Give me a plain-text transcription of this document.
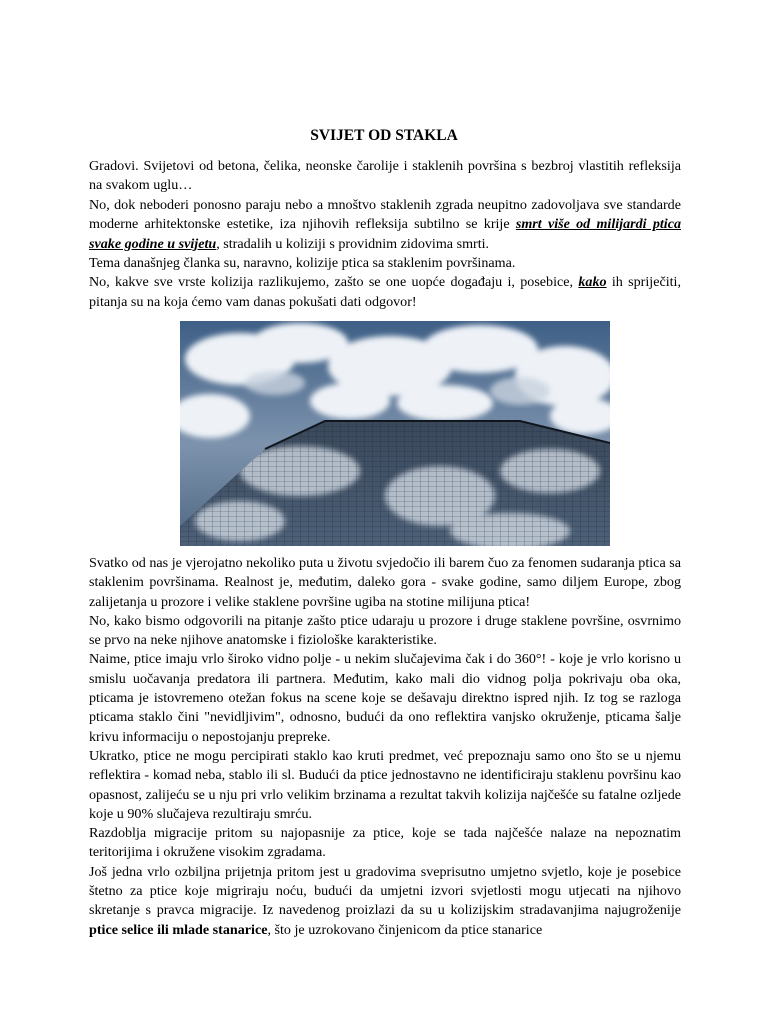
SVIJET OD STAKLA

Gradovi. Svijetovi od betona, čelika, neonske čarolije i staklenih površina s bezbroj vlastitih refleksija na svakom uglu…

No, dok neboderi ponosno paraju nebo a mnoštvo staklenih zgrada neupitno zadovoljava sve standarde moderne arhitektonske estetike, iza njihovih refleksija subtilno se krije smrt više od milijardi ptica svake godine u svijetu, stradalih u koliziji s providnim zidovima smrti.

Tema današnjeg članka su, naravno, kolizije ptica sa staklenim površinama.

No, kakve sve vrste kolizija razlikujemo, zašto se one uopće događaju i, posebice, kako ih spriječiti, pitanja su na koja ćemo vam danas pokušati dati odgovor!

Svatko od nas je vjerojatno nekoliko puta u životu svjedočio ili barem čuo za fenomen sudaranja ptica sa staklenim površinama. Realnost je, međutim, daleko gora - svake godine, samo diljem Europe, zbog zalijetanja u prozore i velike staklene površine ugiba na stotine milijuna ptica!

No, kako bismo odgovorili na pitanje zašto ptice udaraju u prozore i druge staklene površine, osvrnimo se prvo na neke njihove anatomske i fiziološke karakteristike.

Naime, ptice imaju vrlo široko vidno polje - u nekim slučajevima čak i do 360°! - koje je vrlo korisno u smislu uočavanja predatora ili partnera. Međutim, kako mali dio vidnog polja pokrivaju oba oka, pticama je istovremeno otežan fokus na scene koje se dešavaju direktno ispred njih. Iz tog se razloga pticama staklo čini "nevidljivim", odnosno, budući da ono reflektira vanjsko okruženje, pticama šalje krivu informaciju o nepostojanju prepreke.

Ukratko, ptice ne mogu percipirati staklo kao kruti predmet, već prepoznaju samo ono što se u njemu reflektira - komad neba, stablo ili sl. Budući da ptice jednostavno ne identificiraju staklenu površinu kao opasnost, zalijeću se u nju pri vrlo velikim brzinama a rezultat takvih kolizija najčešće su fatalne ozljede koje u 90% slučajeva rezultiraju smrću.

Razdoblja migracije pritom su najopasnije za ptice, koje se tada najčešće nalaze na nepoznatim teritorijima i okružene visokim zgradama.

Još jedna vrlo ozbiljna prijetnja pritom jest u gradovima sveprisutno umjetno svjetlo, koje je posebice štetno za ptice koje migriraju noću, budući da umjetni izvori svjetlosti mogu utjecati na njihovo skretanje s pravca migracije. Iz navedenog proizlazi da su u kolizijskim stradavanjima najugroženije ptice selice ili mlade stanarice, što je uzrokovano činjenicom da ptice stanarice
